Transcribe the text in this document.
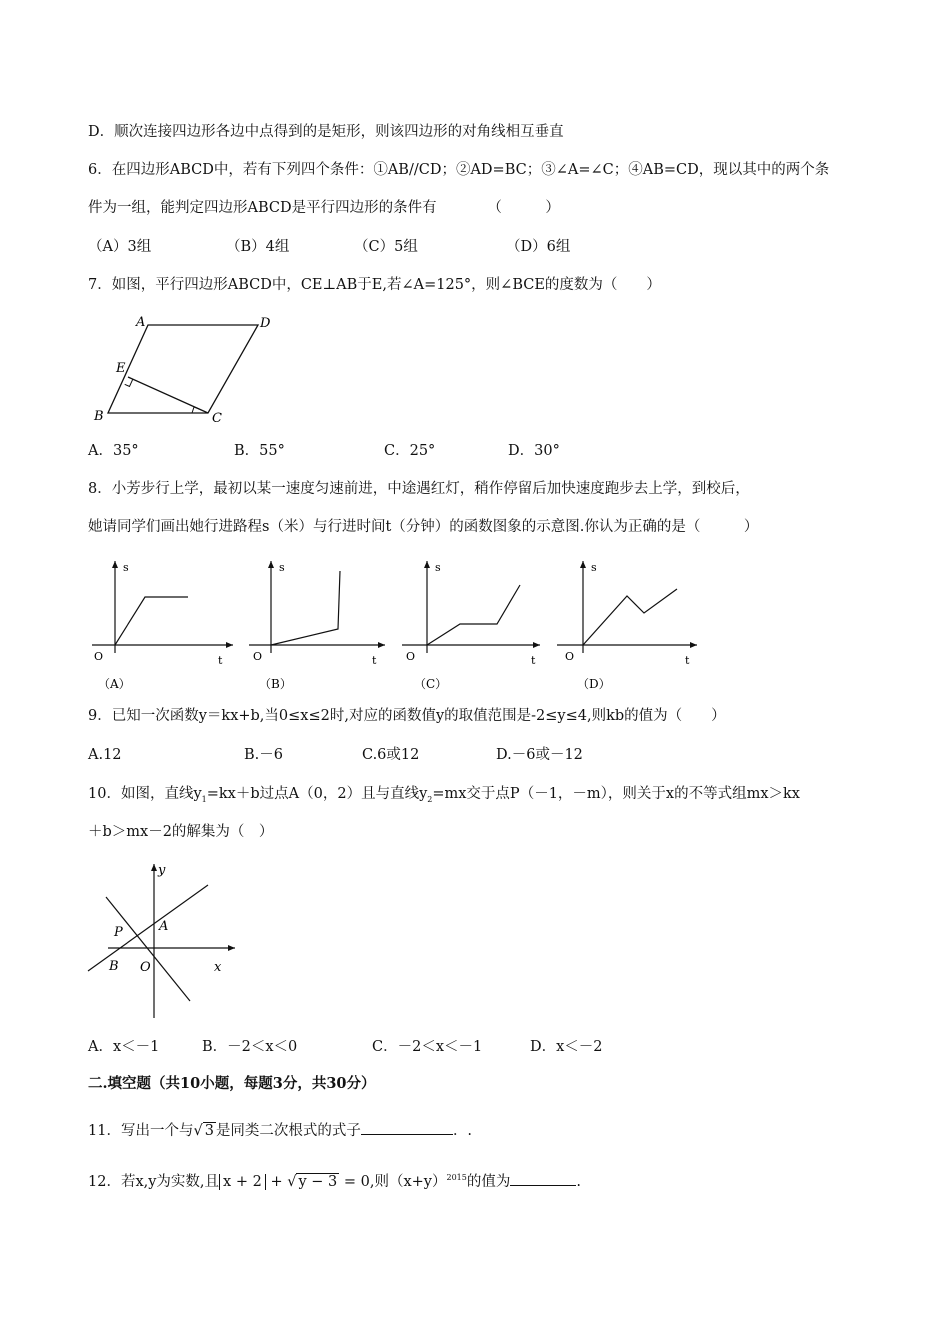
D．顺次连接四边形各边中点得到的是矩形，则该四边形的对角线相互垂直
6．在四边形ABCD中，若有下列四个条件：①AB//CD；②AD=BC；③∠A=∠C；④AB=CD，现以其中的两个条
件为一组，能判定四边形ABCD是平行四边形的条件有　　　　（　　　）
（A）3组	（B）4组	（C）5组	（D）6组
7．如图，平行四边形ABCD中，CE⊥AB于E,若∠A=125°，则∠BCE的度数为（　　）
A	D
E
B	C
A．35°	B．55°	C．25°	D．30°
8．小芳步行上学，最初以某一速度匀速前进，中途遇红灯，稍作停留后加快速度跑步去上学，到校后，
她请同学们画出她行进路程s（米）与行进时间t（分钟）的函数图象的示意图.你认为正确的是（　　　）
s
t
O
（A）
s
t
O
（B）
s
t
O
（C）
s
t
O
（D）
9．已知一次函数y＝kx+b,当0≤x≤2时,对应的函数值y的取值范围是-2≤y≤4,则kb的值为（　　）
A.12	B.－6	C.6或12	D.－6或－12
10．如图，直线$y_1=kx+b$过点A（0，2）且与直线$y_2=mx$交于点P（－1，－m），则关于x的不等式组mx＞kx
＋b＞mx－2的解集为（　）
y
P	A
B O	x
A．x＜－1	B．－2＜x＜0	C．－2＜x＜－1	D．x＜－2
二.填空题（共10小题，每题3分，共30分）
11．写出一个与√ 3 是同类二次根式的式子	．.
12．若x,y为实数,且 x + 2 + √ y − 3 = 0,则$(x+y)^{2015}$的值为	.
